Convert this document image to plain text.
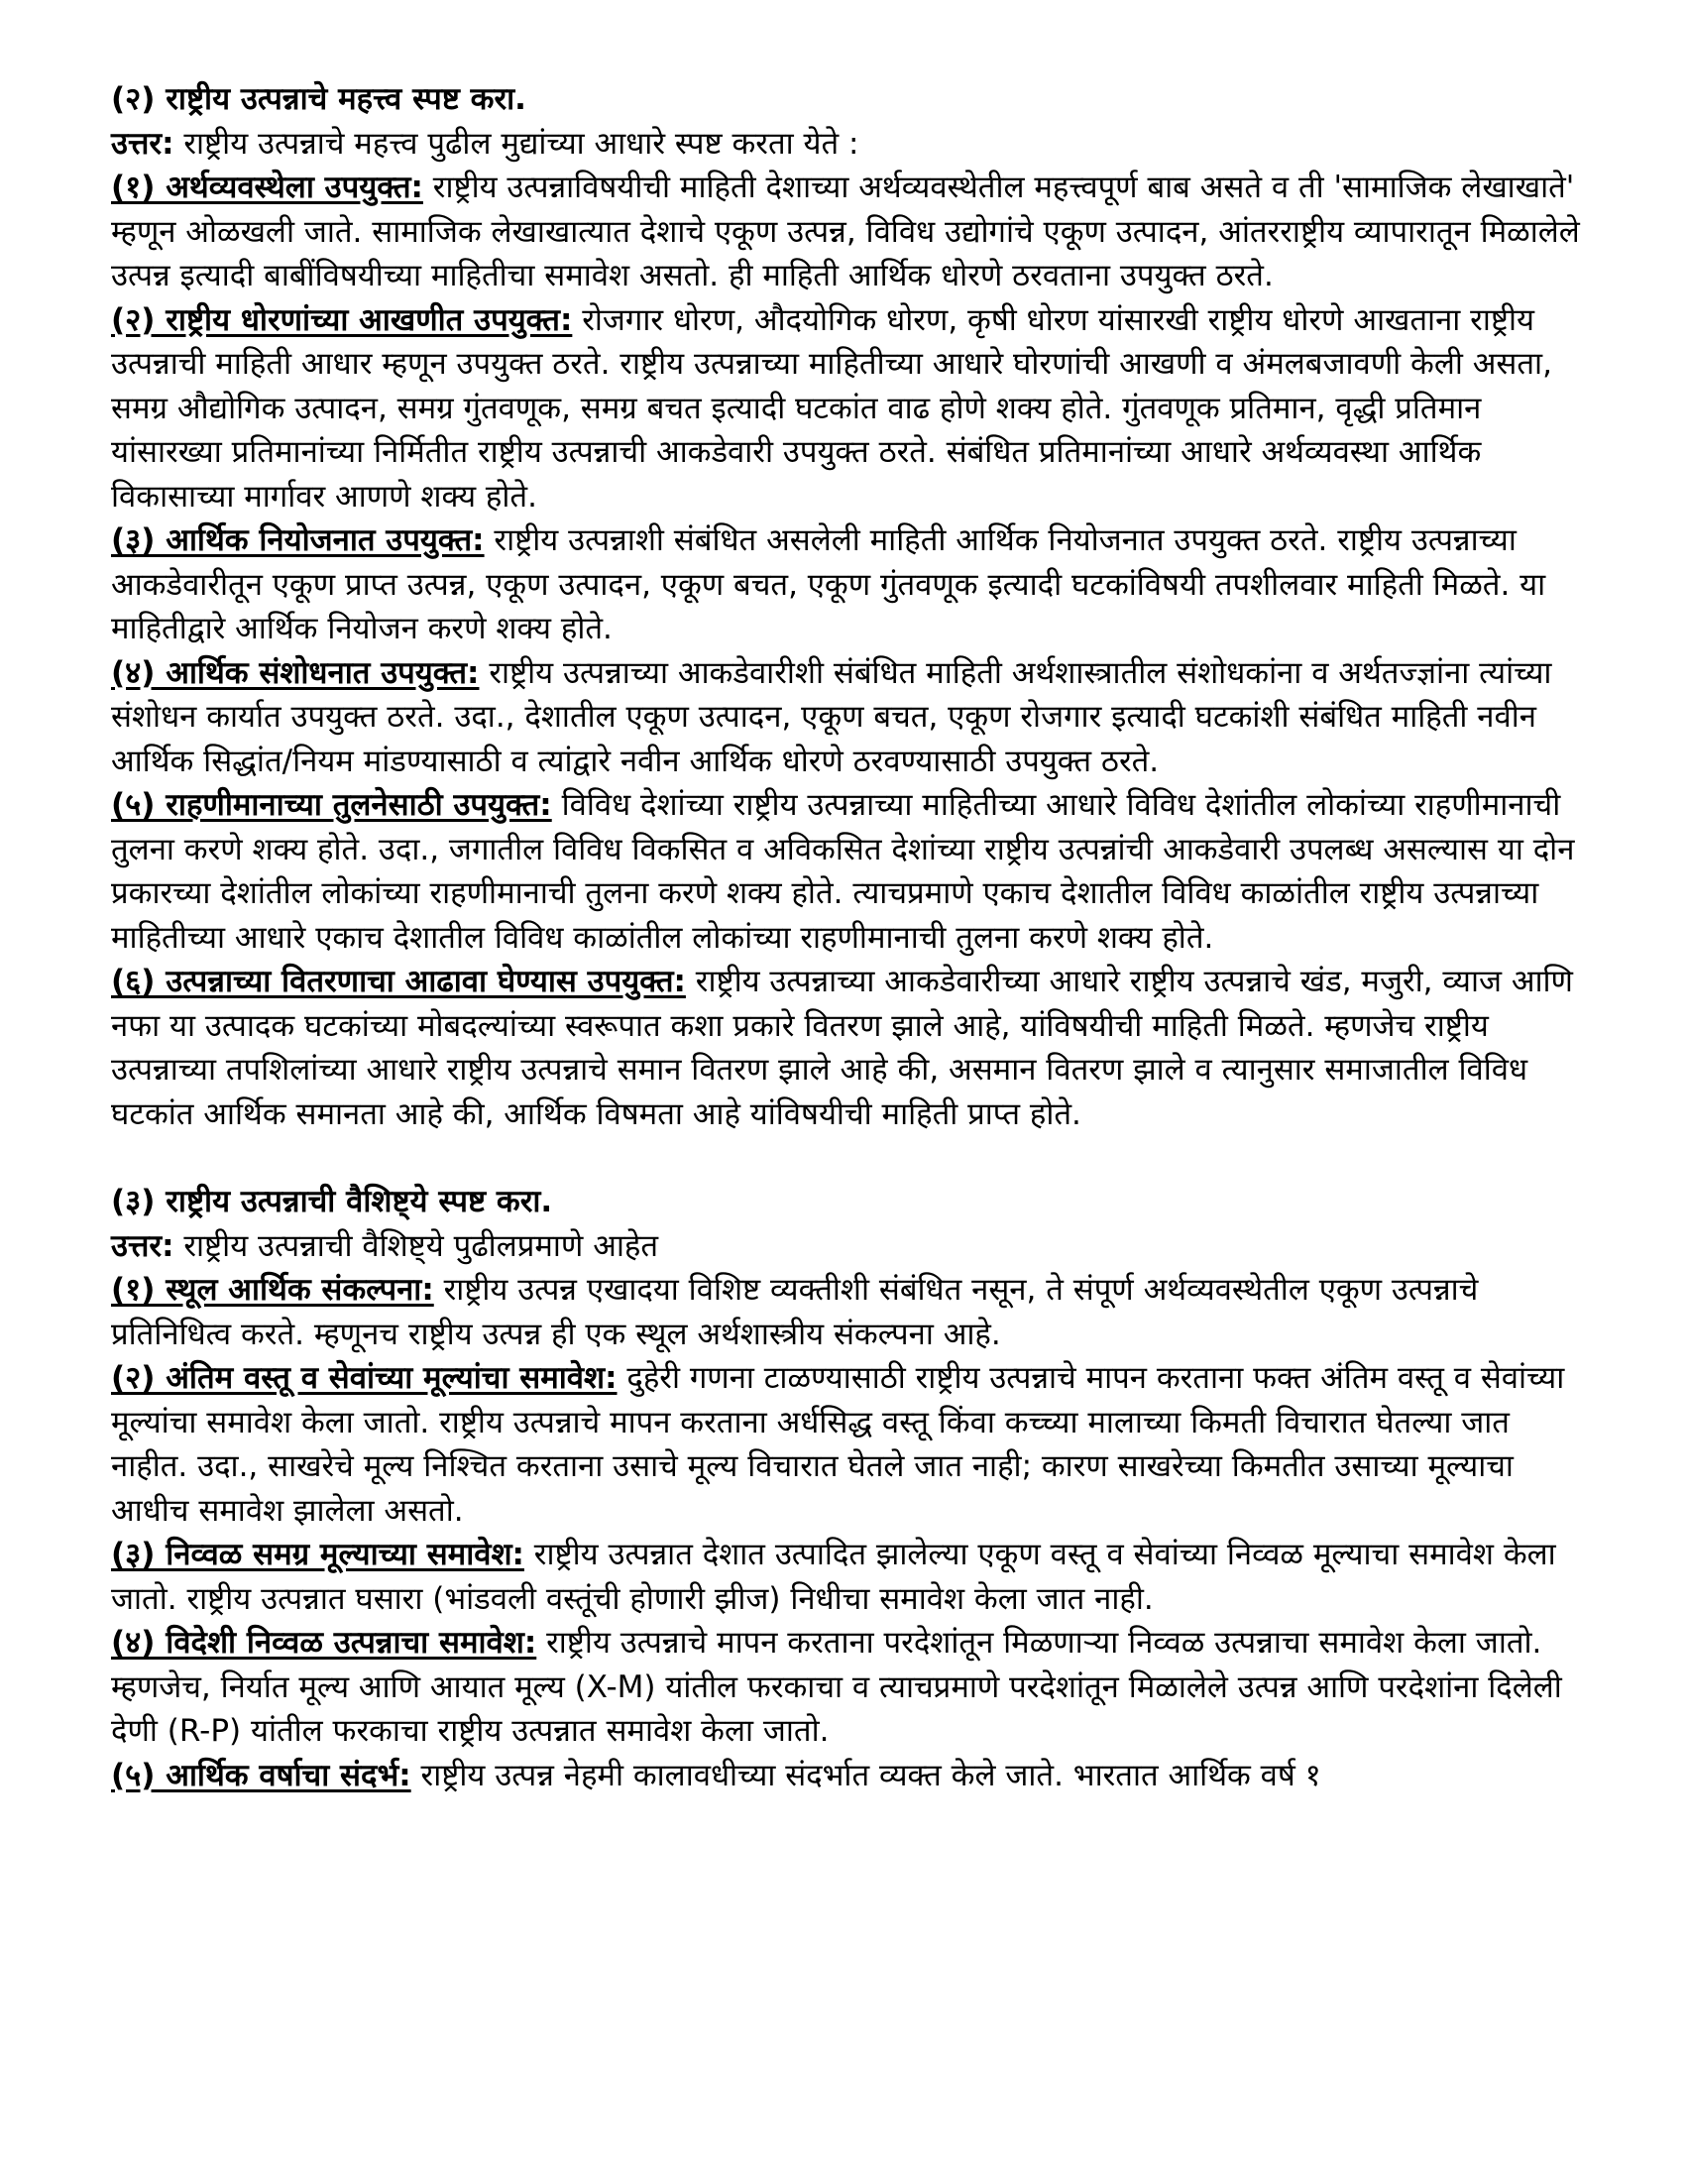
(२) राष्ट्रीय उत्पन्नाचे महत्त्व स्पष्ट करा.

उत्तर: राष्ट्रीय उत्पन्नाचे महत्त्व पुढील मुद्यांच्या आधारे स्पष्ट करता येते :

(१) अर्थव्यवस्थेला उपयुक्त: राष्ट्रीय उत्पन्नाविषयीची माहिती देशाच्या अर्थव्यवस्थेतील महत्त्वपूर्ण बाब असते व ती 'सामाजिक लेखाखाते' म्हणून ओळखली जाते. सामाजिक लेखाखात्यात देशाचे एकूण उत्पन्न, विविध उद्योगांचे एकूण उत्पादन, आंतरराष्ट्रीय व्यापारातून मिळालेले उत्पन्न इत्यादी बाबींविषयीच्या माहितीचा समावेश असतो. ही माहिती आर्थिक धोरणे ठरवताना उपयुक्त ठरते.

(२) राष्ट्रीय धोरणांच्या आखणीत उपयुक्त: रोजगार धोरण, औदयोगिक धोरण, कृषी धोरण यांसारखी राष्ट्रीय धोरणे आखताना राष्ट्रीय उत्पन्नाची माहिती आधार म्हणून उपयुक्त ठरते. राष्ट्रीय उत्पन्नाच्या माहितीच्या आधारे घोरणांची आखणी व अंमलबजावणी केली असता, समग्र औद्योगिक उत्पादन, समग्र गुंतवणूक, समग्र बचत इत्यादी घटकांत वाढ होणे शक्य होते. गुंतवणूक प्रतिमान, वृद्धी प्रतिमान यांसारख्या प्रतिमानांच्या निर्मितीत राष्ट्रीय उत्पन्नाची आकडेवारी उपयुक्त ठरते. संबंधित प्रतिमानांच्या आधारे अर्थव्यवस्था आर्थिक विकासाच्या मार्गावर आणणे शक्य होते.

(३) आर्थिक नियोजनात उपयुक्त: राष्ट्रीय उत्पन्नाशी संबंधित असलेली माहिती आर्थिक नियोजनात उपयुक्त ठरते. राष्ट्रीय उत्पन्नाच्या आकडेवारीतून एकूण प्राप्त उत्पन्न, एकूण उत्पादन, एकूण बचत, एकूण गुंतवणूक इत्यादी घटकांविषयी तपशीलवार माहिती मिळते. या माहितीद्वारे आर्थिक नियोजन करणे शक्य होते.

(४) आर्थिक संशोधनात उपयुक्त: राष्ट्रीय उत्पन्नाच्या आकडेवारीशी संबंधित माहिती अर्थशास्त्रातील संशोधकांना व अर्थतज्ज्ञांना त्यांच्या संशोधन कार्यात उपयुक्त ठरते. उदा., देशातील एकूण उत्पादन, एकूण बचत, एकूण रोजगार इत्यादी घटकांशी संबंधित माहिती नवीन आर्थिक सिद्धांत/नियम मांडण्यासाठी व त्यांद्वारे नवीन आर्थिक धोरणे ठरवण्यासाठी उपयुक्त ठरते.

(५) राहणीमानाच्या तुलनेसाठी उपयुक्त: विविध देशांच्या राष्ट्रीय उत्पन्नाच्या माहितीच्या आधारे विविध देशांतील लोकांच्या राहणीमानाची तुलना करणे शक्य होते. उदा., जगातील विविध विकसित व अविकसित देशांच्या राष्ट्रीय उत्पन्नांची आकडेवारी उपलब्ध असल्यास या दोन प्रकारच्या देशांतील लोकांच्या राहणीमानाची तुलना करणे शक्य होते. त्याचप्रमाणे एकाच देशातील विविध काळांतील राष्ट्रीय उत्पन्नाच्या माहितीच्या आधारे एकाच देशातील विविध काळांतील लोकांच्या राहणीमानाची तुलना करणे शक्य होते.

(६) उत्पन्नाच्या वितरणाचा आढावा घेण्यास उपयुक्त: राष्ट्रीय उत्पन्नाच्या आकडेवारीच्या आधारे राष्ट्रीय उत्पन्नाचे खंड, मजुरी, व्याज आणि नफा या उत्पादक घटकांच्या मोबदल्यांच्या स्वरूपात कशा प्रकारे वितरण झाले आहे, यांविषयीची माहिती मिळते. म्हणजेच राष्ट्रीय उत्पन्नाच्या तपशिलांच्या आधारे राष्ट्रीय उत्पन्नाचे समान वितरण झाले आहे की, असमान वितरण झाले व त्यानुसार समाजातील विविध घटकांत आर्थिक समानता आहे की, आर्थिक विषमता आहे यांविषयीची माहिती प्राप्त होते.

(३) राष्ट्रीय उत्पन्नाची वैशिष्ट्ये स्पष्ट करा.

उत्तर: राष्ट्रीय उत्पन्नाची वैशिष्ट्ये पुढीलप्रमाणे आहेत

(१) स्थूल आर्थिक संकल्पना: राष्ट्रीय उत्पन्न एखादया विशिष्ट व्यक्तीशी संबंधित नसून, ते संपूर्ण अर्थव्यवस्थेतील एकूण उत्पन्नाचे प्रतिनिधित्व करते. म्हणूनच राष्ट्रीय उत्पन्न ही एक स्थूल अर्थशास्त्रीय संकल्पना आहे.

(२) अंतिम वस्तू व सेवांच्या मूल्यांचा समावेश: दुहेरी गणना टाळण्यासाठी राष्ट्रीय उत्पन्नाचे मापन करताना फक्त अंतिम वस्तू व सेवांच्या मूल्यांचा समावेश केला जातो. राष्ट्रीय उत्पन्नाचे मापन करताना अर्धसिद्ध वस्तू किंवा कच्च्या मालाच्या किमती विचारात घेतल्या जात नाहीत. उदा., साखरेचे मूल्य निश्चित करताना उसाचे मूल्य विचारात घेतले जात नाही; कारण साखरेच्या किमतीत उसाच्या मूल्याचा आधीच समावेश झालेला असतो.

(३) निव्वळ समग्र मूल्याच्या समावेश: राष्ट्रीय उत्पन्नात देशात उत्पादित झालेल्या एकूण वस्तू व सेवांच्या निव्वळ मूल्याचा समावेश केला जातो. राष्ट्रीय उत्पन्नात घसारा (भांडवली वस्तूंची होणारी झीज) निधीचा समावेश केला जात नाही.

(४) विदेशी निव्वळ उत्पन्नाचा समावेश: राष्ट्रीय उत्पन्नाचे मापन करताना परदेशांतून मिळणाऱ्या निव्वळ उत्पन्नाचा समावेश केला जातो. म्हणजेच, निर्यात मूल्य आणि आयात मूल्य (X-M) यांतील फरकाचा व त्याचप्रमाणे परदेशांतून मिळालेले उत्पन्न आणि परदेशांना दिलेली देणी (R-P) यांतील फरकाचा राष्ट्रीय उत्पन्नात समावेश केला जातो.

(५) आर्थिक वर्षाचा संदर्भ: राष्ट्रीय उत्पन्न नेहमी कालावधीच्या संदर्भात व्यक्त केले जाते. भारतात आर्थिक वर्ष १
